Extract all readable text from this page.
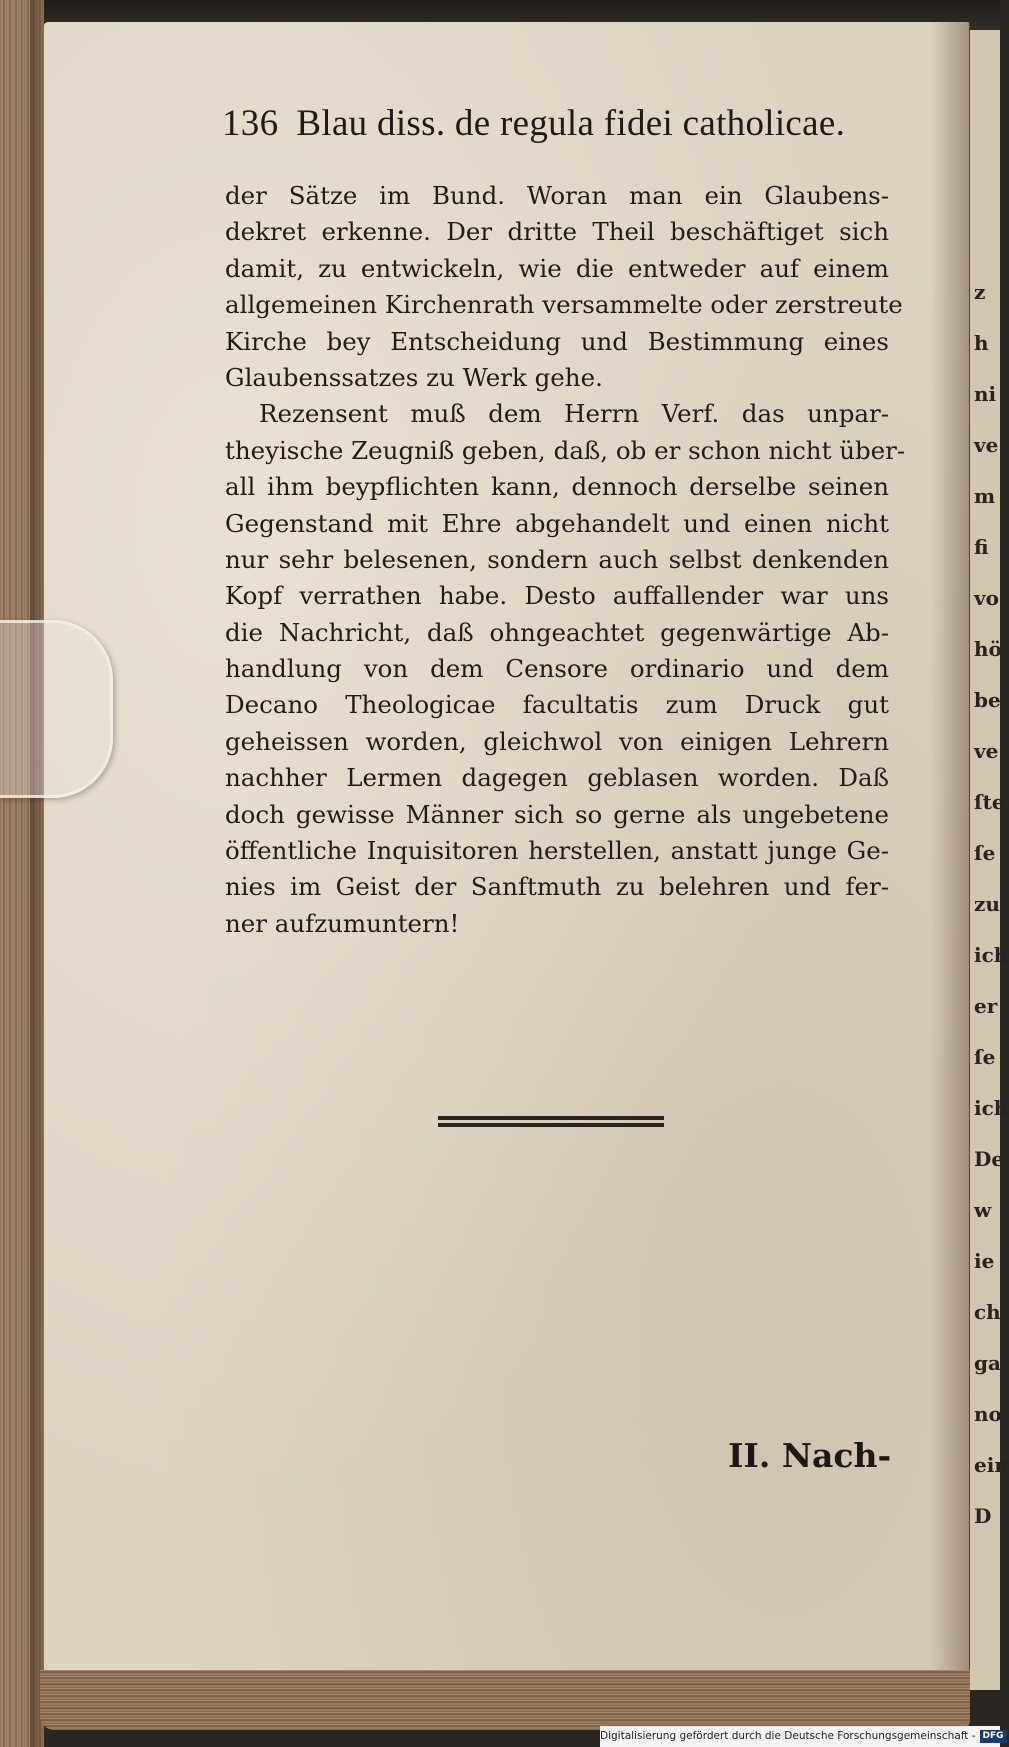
z
h
ni
ve
m
fi
vo
hö
be
ve
ſte
ſe
zu
ich
er
ſe
ich
De
w
ie
ch
ga
no
ein
D
136 Blau diss. de regula fidei catholicae.
der Sätze im Bund. Woran man ein Glaubens-
dekret erkenne. Der dritte Theil beschäftiget sich
damit, zu entwickeln, wie die entweder auf einem
allgemeinen Kirchenrath versammelte oder zerstreute
Kirche bey Entscheidung und Bestimmung eines
Glaubenssatzes zu Werk gehe.
Rezensent muß dem Herrn Verf. das unpar-
theyische Zeugniß geben, daß, ob er schon nicht über-
all ihm beypflichten kann, dennoch derselbe seinen
Gegenstand mit Ehre abgehandelt und einen nicht
nur sehr belesenen, sondern auch selbst denkenden
Kopf verrathen habe. Desto auffallender war uns
die Nachricht, daß ohngeachtet gegenwärtige Ab-
handlung von dem Censore ordinario und dem
Decano Theologicae facultatis zum Druck gut
geheissen worden, gleichwol von einigen Lehrern
nachher Lermen dagegen geblasen worden. Daß
doch gewisse Männer sich so gerne als ungebetene
öffentliche Inquisitoren herstellen, anstatt junge Ge-
nies im Geist der Sanftmuth zu belehren und fer-
ner aufzumuntern!
II. Nach-
Digitalisierung gefördert durch die Deutsche Forschungsgemeinschaft - DFG
